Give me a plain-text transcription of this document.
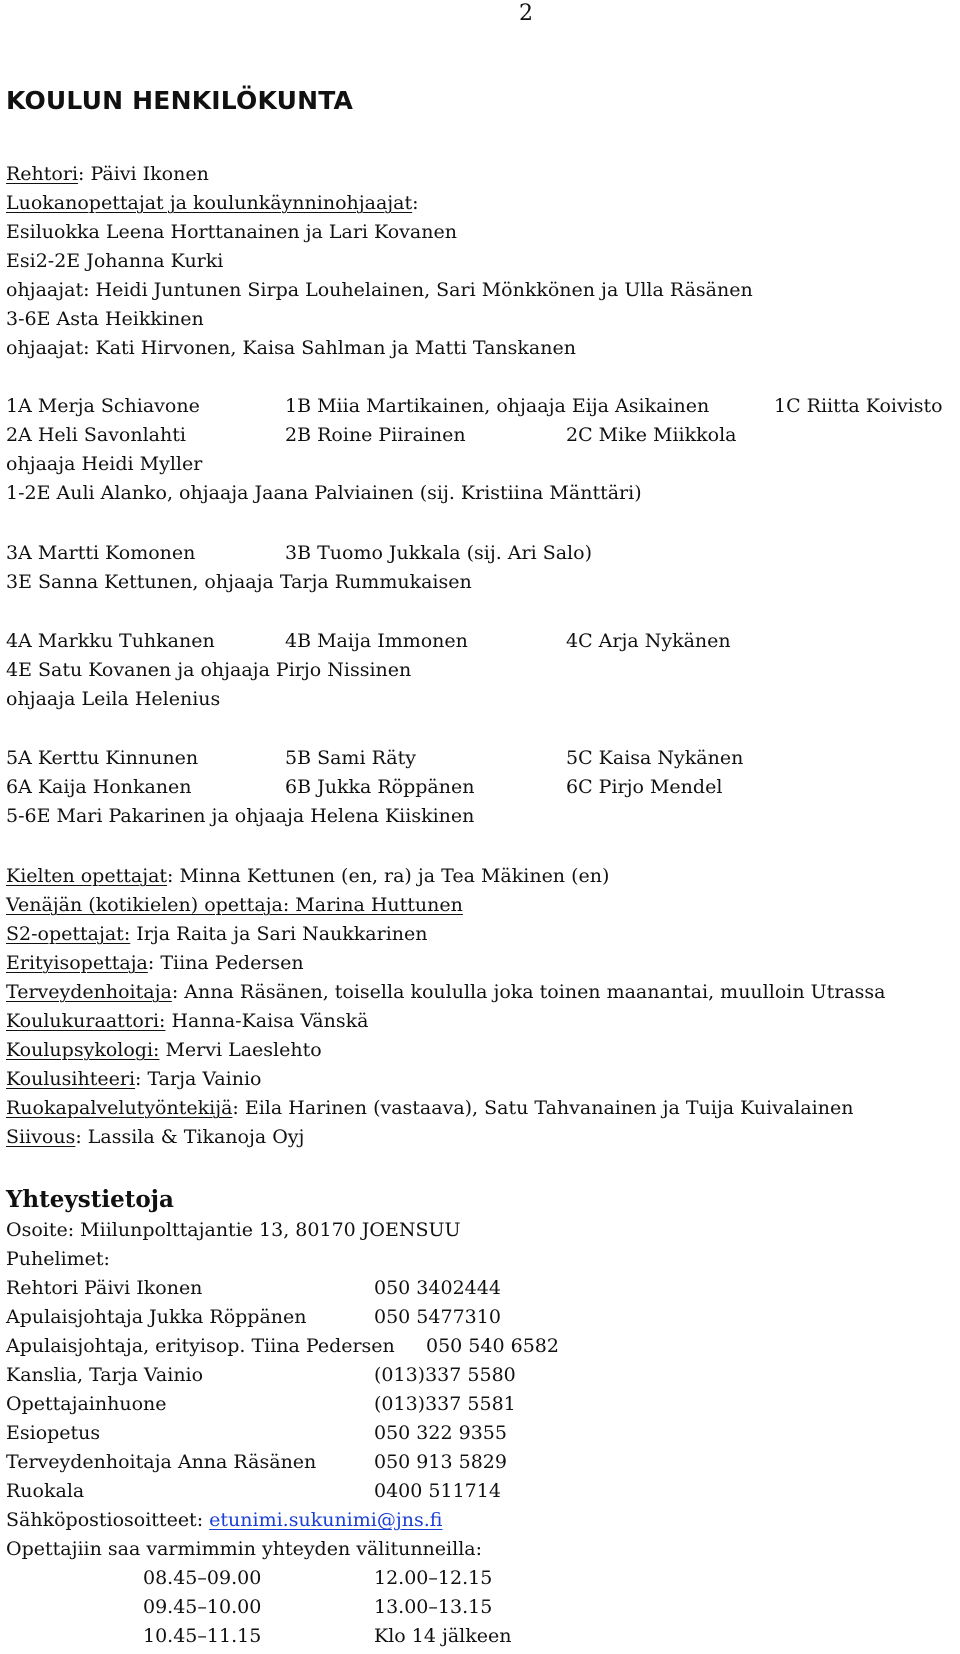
2
KOULUN HENKILÖKUNTA
Rehtori: Päivi Ikonen
Luokanopettajat ja koulunkäynninohjaajat:
Esiluokka Leena Horttanainen ja Lari Kovanen
Esi2-2E Johanna Kurki
ohjaajat: Heidi Juntunen Sirpa Louhelainen, Sari Mönkkönen ja Ulla Räsänen
3-6E Asta Heikkinen
ohjaajat: Kati Hirvonen, Kaisa Sahlman ja Matti Tanskanen
1A Merja Schiavone	1B Miia Martikainen, ohjaaja Eija Asikainen	1C Riitta Koivisto
2A Heli Savonlahti	2B Roine Piirainen	2C Mike Miikkola
ohjaaja Heidi Myller
1-2E Auli Alanko, ohjaaja Jaana Palviainen (sij. Kristiina Mänttäri)
3A Martti Komonen	3B Tuomo Jukkala (sij. Ari Salo)
3E Sanna Kettunen, ohjaaja Tarja Rummukaisen
4A Markku Tuhkanen	4B Maija Immonen	4C Arja Nykänen
4E Satu Kovanen ja ohjaaja Pirjo Nissinen
ohjaaja Leila Helenius
5A Kerttu Kinnunen	5B Sami Räty	5C Kaisa Nykänen
6A Kaija Honkanen	6B Jukka Röppänen	6C Pirjo Mendel
5-6E Mari Pakarinen ja ohjaaja Helena Kiiskinen
Kielten opettajat: Minna Kettunen (en, ra) ja Tea Mäkinen (en)
Venäjän (kotikielen) opettaja: Marina Huttunen
S2-opettajat: Irja Raita ja Sari Naukkarinen
Erityisopettaja: Tiina Pedersen
Terveydenhoitaja: Anna Räsänen, toisella koululla joka toinen maanantai, muulloin Utrassa
Koulukuraattori: Hanna-Kaisa Vänskä
Koulupsykologi: Mervi Laeslehto
Koulusihteeri: Tarja Vainio
Ruokapalvelutyöntekijä: Eila Harinen (vastaava), Satu Tahvanainen ja Tuija Kuivalainen
Siivous: Lassila & Tikanoja Oyj
Yhteystietoja
Osoite: Miilunpolttajantie 13, 80170 JOENSUU
Puhelimet:
Rehtori Päivi Ikonen	050 3402444
Apulaisjohtaja Jukka Röppänen	050 5477310
Apulaisjohtaja, erityisop. Tiina Pedersen 050 540 6582
Kanslia, Tarja Vainio	(013)337 5580
Opettajainhuone	(013)337 5581
Esiopetus	050 322 9355
Terveydenhoitaja Anna Räsänen	050 913 5829
Ruokala	0400 511714
Sähköpostiosoitteet: etunimi.sukunimi@jns.fi
Opettajiin saa varmimmin yhteyden välitunneilla:
08.45–09.00	12.00–12.15
09.45–10.00	13.00–13.15
10.45–11.15	Klo 14 jälkeen
